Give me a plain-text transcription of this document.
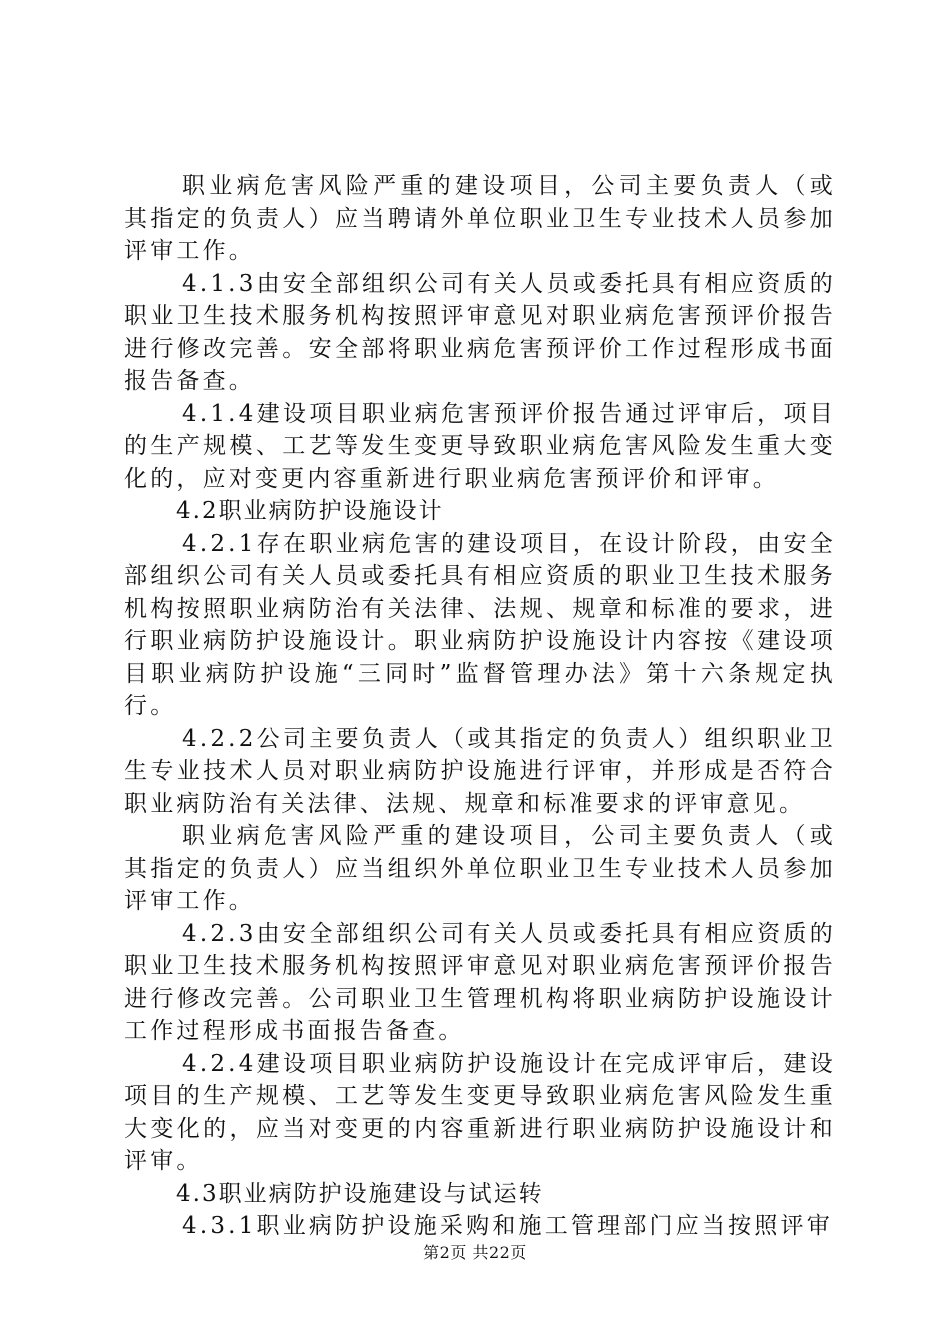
职业病危害风险严重的建设项目，公司主要负责人（或其指定的负责人）应当聘请外单位职业卫生专业技术人员参加评审工作。

4.1.3由安全部组织公司有关人员或委托具有相应资质的职业卫生技术服务机构按照评审意见对职业病危害预评价报告进行修改完善。安全部将职业病危害预评价工作过程形成书面报告备查。

4.1.4建设项目职业病危害预评价报告通过评审后，项目的生产规模、工艺等发生变更导致职业病危害风险发生重大变化的，应对变更内容重新进行职业病危害预评价和评审。

4.2职业病防护设施设计

4.2.1存在职业病危害的建设项目，在设计阶段，由安全部组织公司有关人员或委托具有相应资质的职业卫生技术服务机构按照职业病防治有关法律、法规、规章和标准的要求，进行职业病防护设施设计。职业病防护设施设计内容按《建设项目职业病防护设施“三同时”监督管理办法》第十六条规定执行。

4.2.2公司主要负责人（或其指定的负责人）组织职业卫生专业技术人员对职业病防护设施进行评审，并形成是否符合职业病防治有关法律、法规、规章和标准要求的评审意见。

职业病危害风险严重的建设项目，公司主要负责人（或其指定的负责人）应当组织外单位职业卫生专业技术人员参加评审工作。

4.2.3由安全部组织公司有关人员或委托具有相应资质的职业卫生技术服务机构按照评审意见对职业病危害预评价报告进行修改完善。公司职业卫生管理机构将职业病防护设施设计工作过程形成书面报告备查。

4.2.4建设项目职业病防护设施设计在完成评审后，建设项目的生产规模、工艺等发生变更导致职业病危害风险发生重大变化的，应当对变更的内容重新进行职业病防护设施设计和评审。

4.3职业病防护设施建设与试运转

4.3.1职业病防护设施采购和施工管理部门应当按照评审

第2页 共22页
